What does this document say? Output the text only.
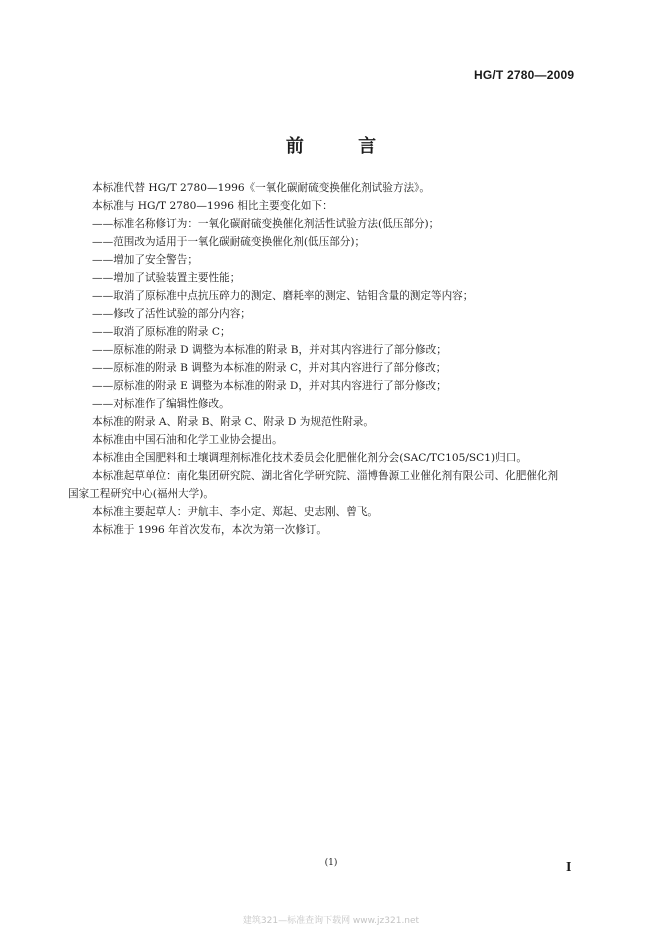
HG/T 2780—2009
前 言
本标准代替 HG/T 2780—1996《一氧化碳耐硫变换催化剂试验方法》。
本标准与 HG/T 2780—1996 相比主要变化如下：
——标准名称修订为：一氧化碳耐硫变换催化剂活性试验方法(低压部分)；
——范围改为适用于一氧化碳耐硫变换催化剂(低压部分)；
——增加了安全警告；
——增加了试验装置主要性能；
——取消了原标准中点抗压碎力的测定、磨耗率的测定、钴钼含量的测定等内容；
——修改了活性试验的部分内容；
——取消了原标准的附录 C；
——原标准的附录 D 调整为本标准的附录 B，并对其内容进行了部分修改；
——原标准的附录 B 调整为本标准的附录 C，并对其内容进行了部分修改；
——原标准的附录 E 调整为本标准的附录 D，并对其内容进行了部分修改；
——对标准作了编辑性修改。
本标准的附录 A、附录 B、附录 C、附录 D 为规范性附录。
本标准由中国石油和化学工业协会提出。
本标准由全国肥料和土壤调理剂标准化技术委员会化肥催化剂分会(SAC/TC105/SC1)归口。
本标准起草单位：南化集团研究院、湖北省化学研究院、淄博鲁源工业催化剂有限公司、化肥催化剂
国家工程研究中心(福州大学)。
本标准主要起草人：尹航丰、李小定、郑起、史志刚、曾飞。
本标准于 1996 年首次发布，本次为第一次修订。
(1)	I
建筑321—标准查询下载网 www.jz321.net
